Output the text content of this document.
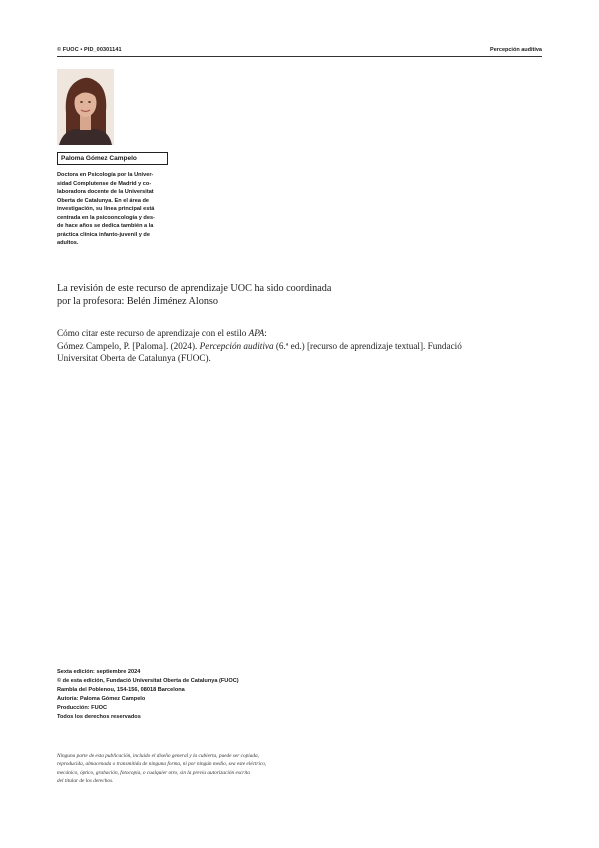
© FUOC • PID_00301141	Percepción auditiva
Paloma Gómez Campelo
Doctora en Psicología por la Univer-
sidad Complutense de Madrid y co-
laboradora docente de la Universitat
Oberta de Catalunya. En el área de
investigación, su línea principal está
centrada en la psicooncología y des-
de hace años se dedica también a la
práctica clínica infanto-juvenil y de
adultos.
La revisión de este recurso de aprendizaje UOC ha sido coordinada
por la profesora: Belén Jiménez Alonso
Cómo citar este recurso de aprendizaje con el estilo APA:
Gómez Campelo, P. [Paloma]. (2024). Percepción auditiva (6.ª ed.) [recurso de aprendizaje textual]. Fundació
Universitat Oberta de Catalunya (FUOC).
Sexta edición: septiembre 2024
© de esta edición, Fundació Universitat Oberta de Catalunya (FUOC)
Rambla del Poblenou, 154-156, 08018 Barcelona
Autoría: Paloma Gómez Campelo
Producción: FUOC
Todos los derechos reservados
Ninguna parte de esta publicación, incluido el diseño general y la cubierta, puede ser copiada,
reproducida, almacenada o transmitida de ninguna forma, ni por ningún medio, sea este eléctrico,
mecánico, óptico, grabación, fotocopia, o cualquier otro, sin la previa autorización escrita
del titular de los derechos.
